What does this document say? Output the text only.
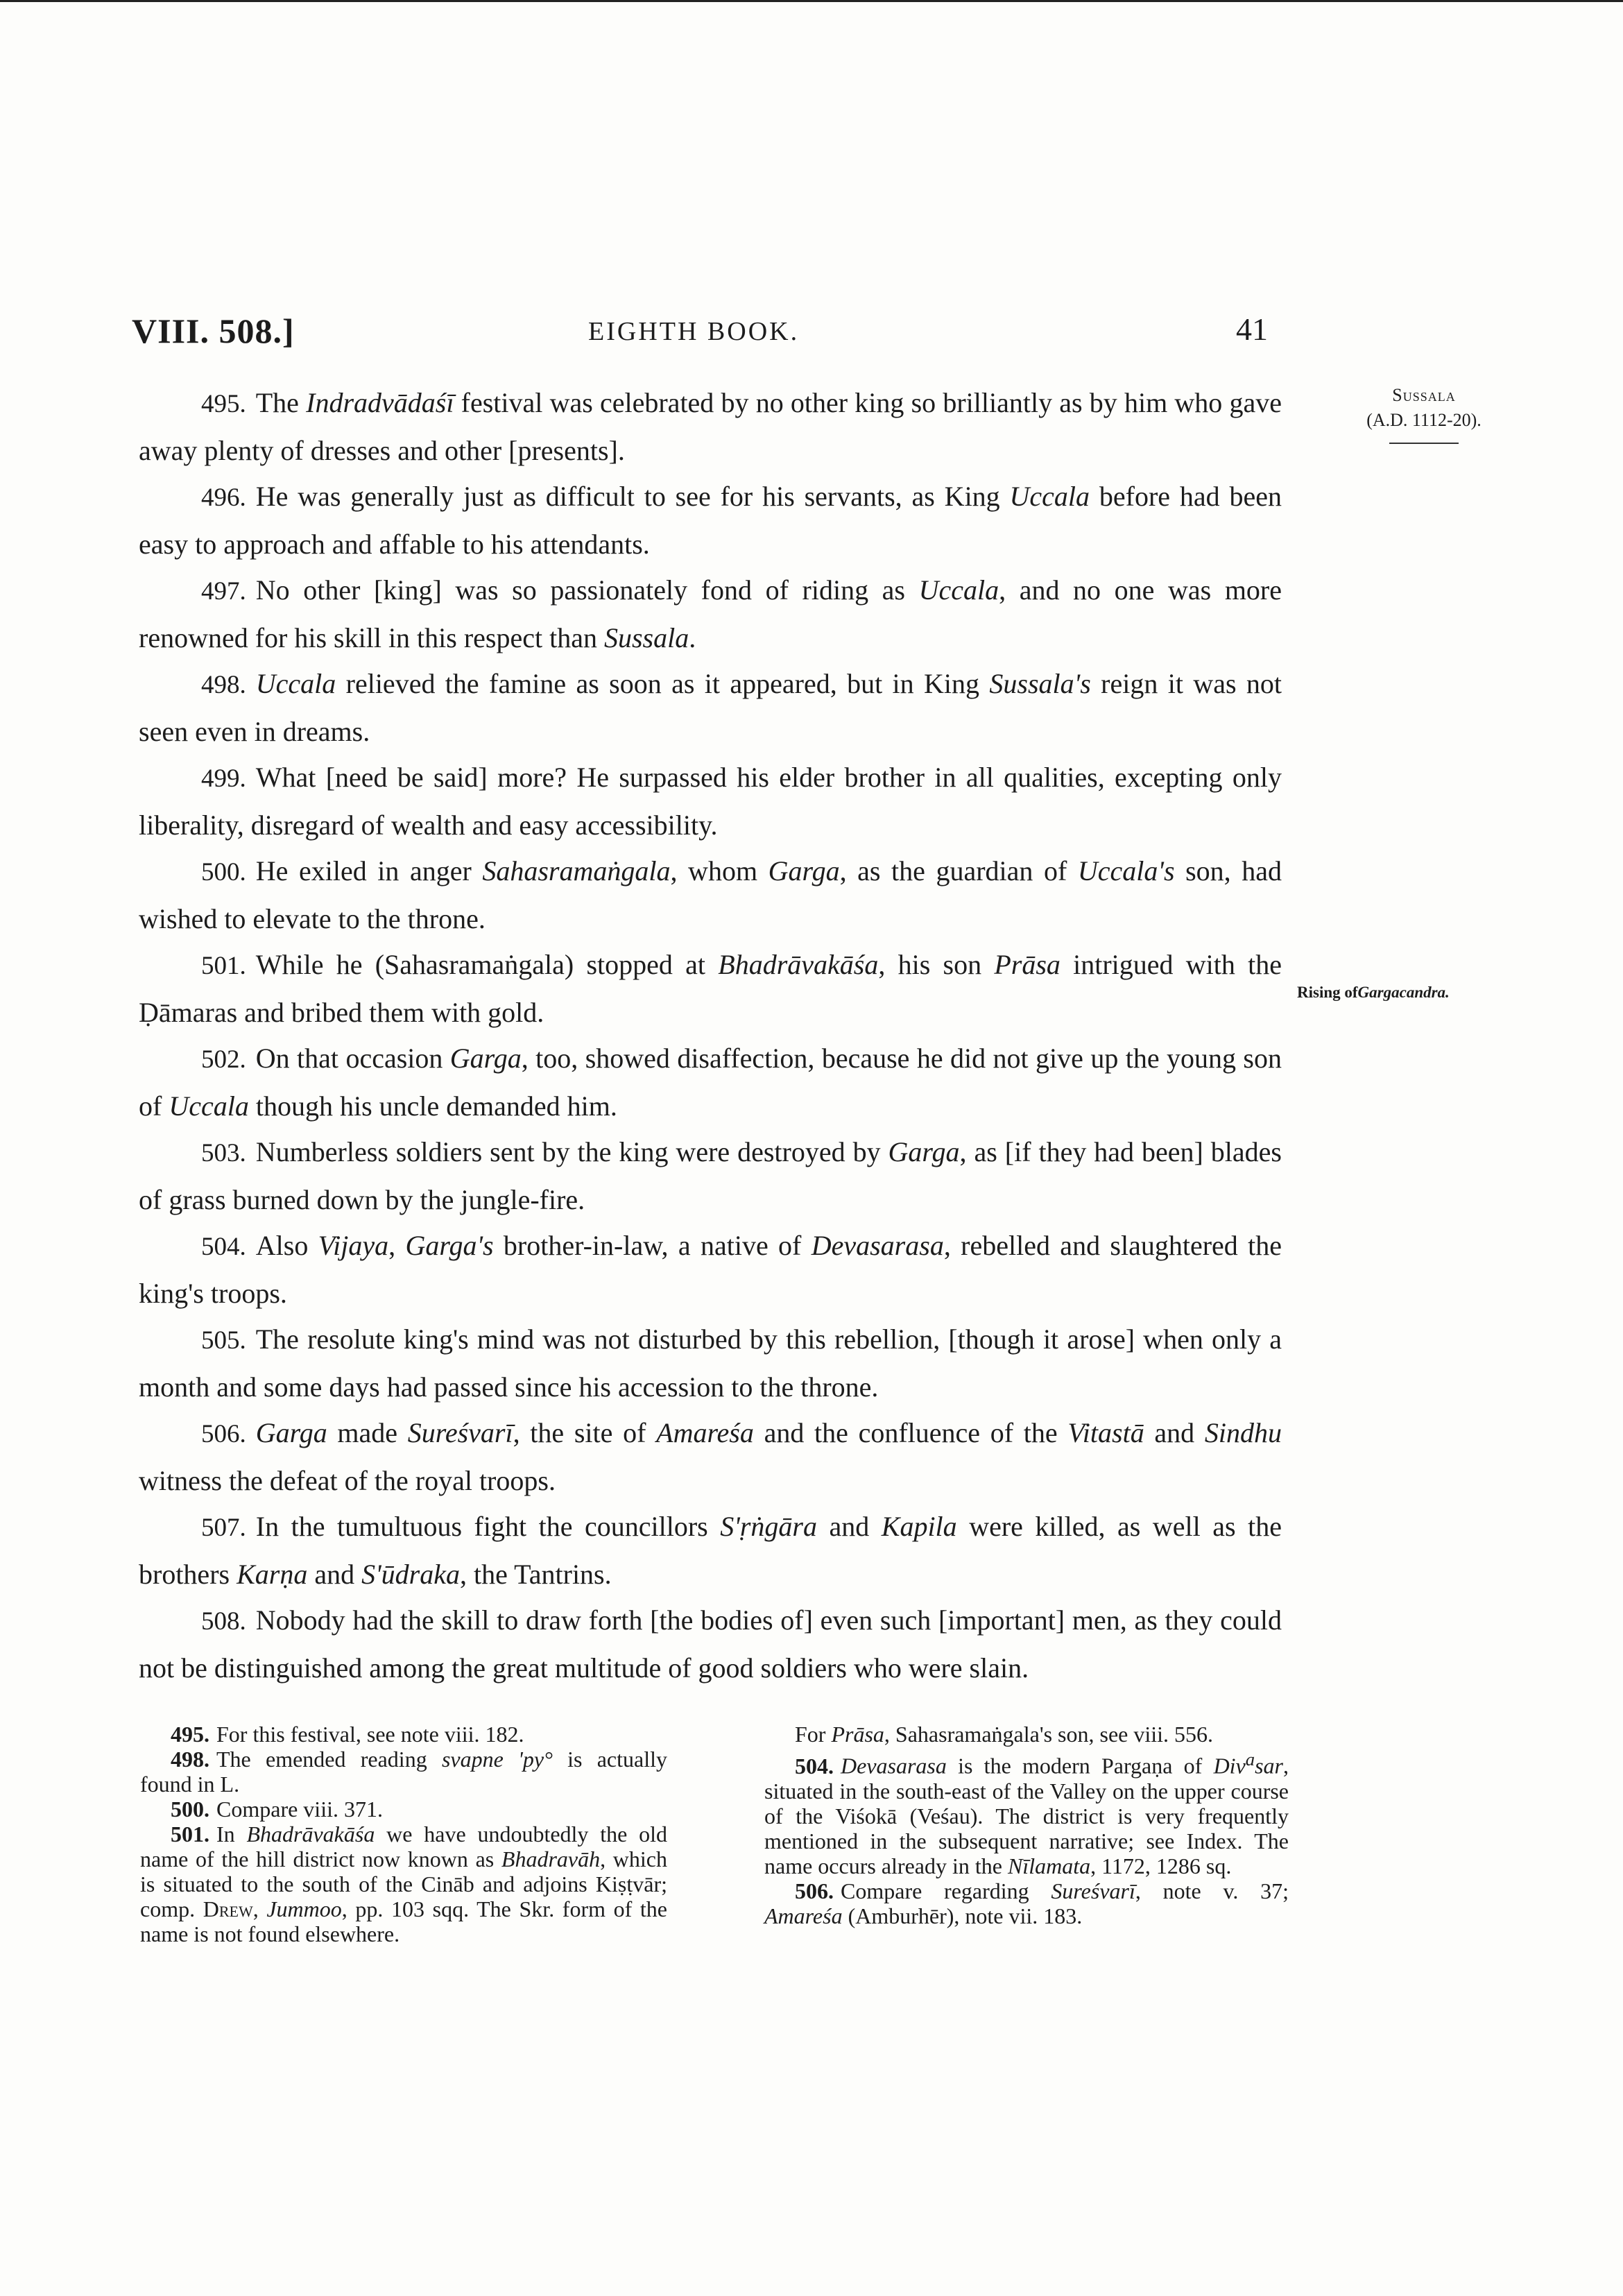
VIII. 508.]	EIGHTH BOOK.	41
Sussala
(A.D. 1112-20).
Rising ofGargacandra.

495. The Indradvādaśī festival was celebrated by no other king so brilliantly as by him who gave away plenty of dresses and other [presents].

496. He was generally just as difficult to see for his servants, as King Uccala before had been easy to approach and affable to his attendants.

497. No other [king] was so passionately fond of riding as Uccala, and no one was more renowned for his skill in this respect than Sussala.

498. Uccala relieved the famine as soon as it appeared, but in King Sussala's reign it was not seen even in dreams.

499. What [need be said] more? He surpassed his elder brother in all qualities, excepting only liberality, disregard of wealth and easy accessibility.

500. He exiled in anger Sahasramaṅgala, whom Garga, as the guardian of Uccala's son, had wished to elevate to the throne.

501. While he (Sahasramaṅgala) stopped at Bhadrāvakāśa, his son Prāsa intrigued with the Ḍāmaras and bribed them with gold.

502. On that occasion Garga, too, showed disaffection, because he did not give up the young son of Uccala though his uncle demanded him.

503. Numberless soldiers sent by the king were destroyed by Garga, as [if they had been] blades of grass burned down by the jungle-fire.

504. Also Vijaya, Garga's brother-in-law, a native of Devasarasa, rebelled and slaughtered the king's troops.

505. The resolute king's mind was not disturbed by this rebellion, [though it arose] when only a month and some days had passed since his accession to the throne.

506. Garga made Sureśvarī, the site of Amareśa and the confluence of the Vitastā and Sindhu witness the defeat of the royal troops.

507. In the tumultuous fight the councillors S'ṛṅgāra and Kapila were killed, as well as the brothers Karṇa and S'ūdraka, the Tantrins.

508. Nobody had the skill to draw forth [the bodies of] even such [important] men, as they could not be distinguished among the great multitude of good soldiers who were slain.

495. For this festival, see note viii. 182.

498. The emended reading svapne 'py° is actually found in L.

500. Compare viii. 371.

501. In Bhadrāvakāśa we have undoubtedly the old name of the hill district now known as Bhadravāh, which is situated to the south of the Cināb and adjoins Kiṣṭvār; comp. Drew, Jummoo, pp. 103 sqq. The Skr. form of the name is not found elsewhere.

For Prāsa, Sahasramaṅgala's son, see viii. 556.

504. Devasarasa is the modern Pargaṇa of Div$^a$sar, situated in the south-east of the Valley on the upper course of the Viśokā (Veśau). The district is very frequently mentioned in the subsequent narrative; see Index. The name occurs already in the Nīlamata, 1172, 1286 sq.

506. Compare regarding Sureśvarī, note v. 37; Amareśa (Amburhēr), note vii. 183.
